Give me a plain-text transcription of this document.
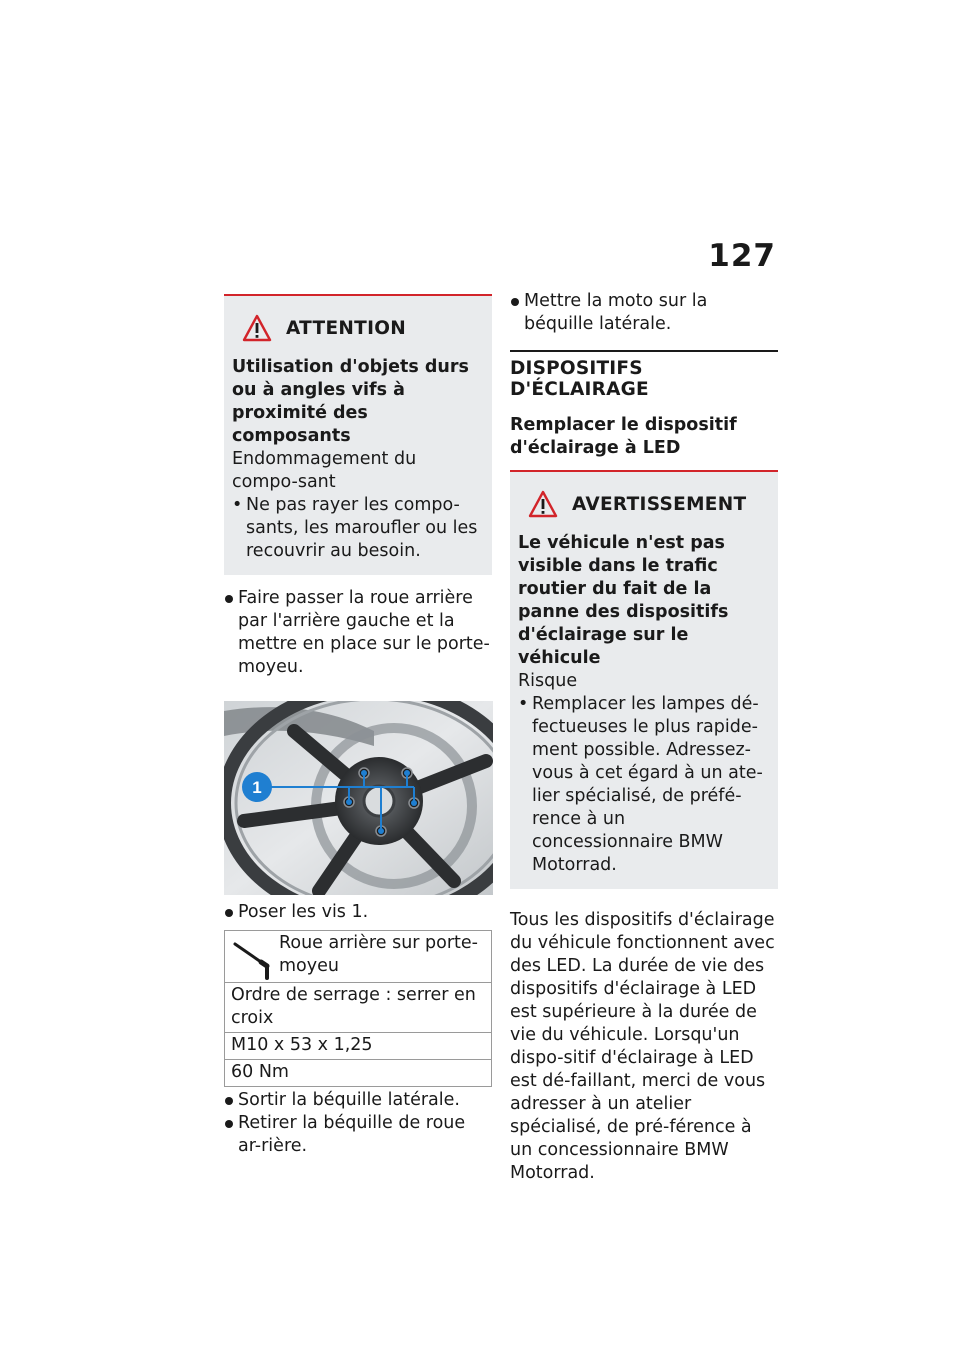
127
ATTENTION
Utilisation d'objets durs ou à angles vifs à proximité des composants
Endommagement du compo-sant
• Ne pas rayer les compo-sants, les maroufler ou les recouvrir au besoin.
Faire passer la roue arrière par l'arrière gauche et la mettre en place sur le porte-moyeu.
1
Poser les vis 1.
Roue arrière sur porte-moyeu

Ordre de serrage : serrer en croix
M10 x 53 x 1,25
60 Nm
Sortir la béquille latérale.
Retirer la béquille de roue ar-rière.
Mettre la moto sur la béquille latérale.
DISPOSITIFS D'ÉCLAIRAGE
Remplacer le dispositif d'éclairage à LED
AVERTISSEMENT
Le véhicule n'est pas visible dans le trafic routier du fait de la panne des dispositifs d'éclairage sur le véhicule
Risque
• Remplacer les lampes dé-fectueuses le plus rapide-ment possible. Adressez-vous à cet égard à un ate-lier spécialisé, de préfé-rence à un concessionnaire BMW Motorrad.
Tous les dispositifs d'éclairage du véhicule fonctionnent avec des LED. La durée de vie des dispositifs d'éclairage à LED est supérieure à la durée de vie du véhicule. Lorsqu'un dispo-sitif d'éclairage à LED est dé-faillant, merci de vous adresser à un atelier spécialisé, de pré-férence à un concessionnaire BMW Motorrad.
